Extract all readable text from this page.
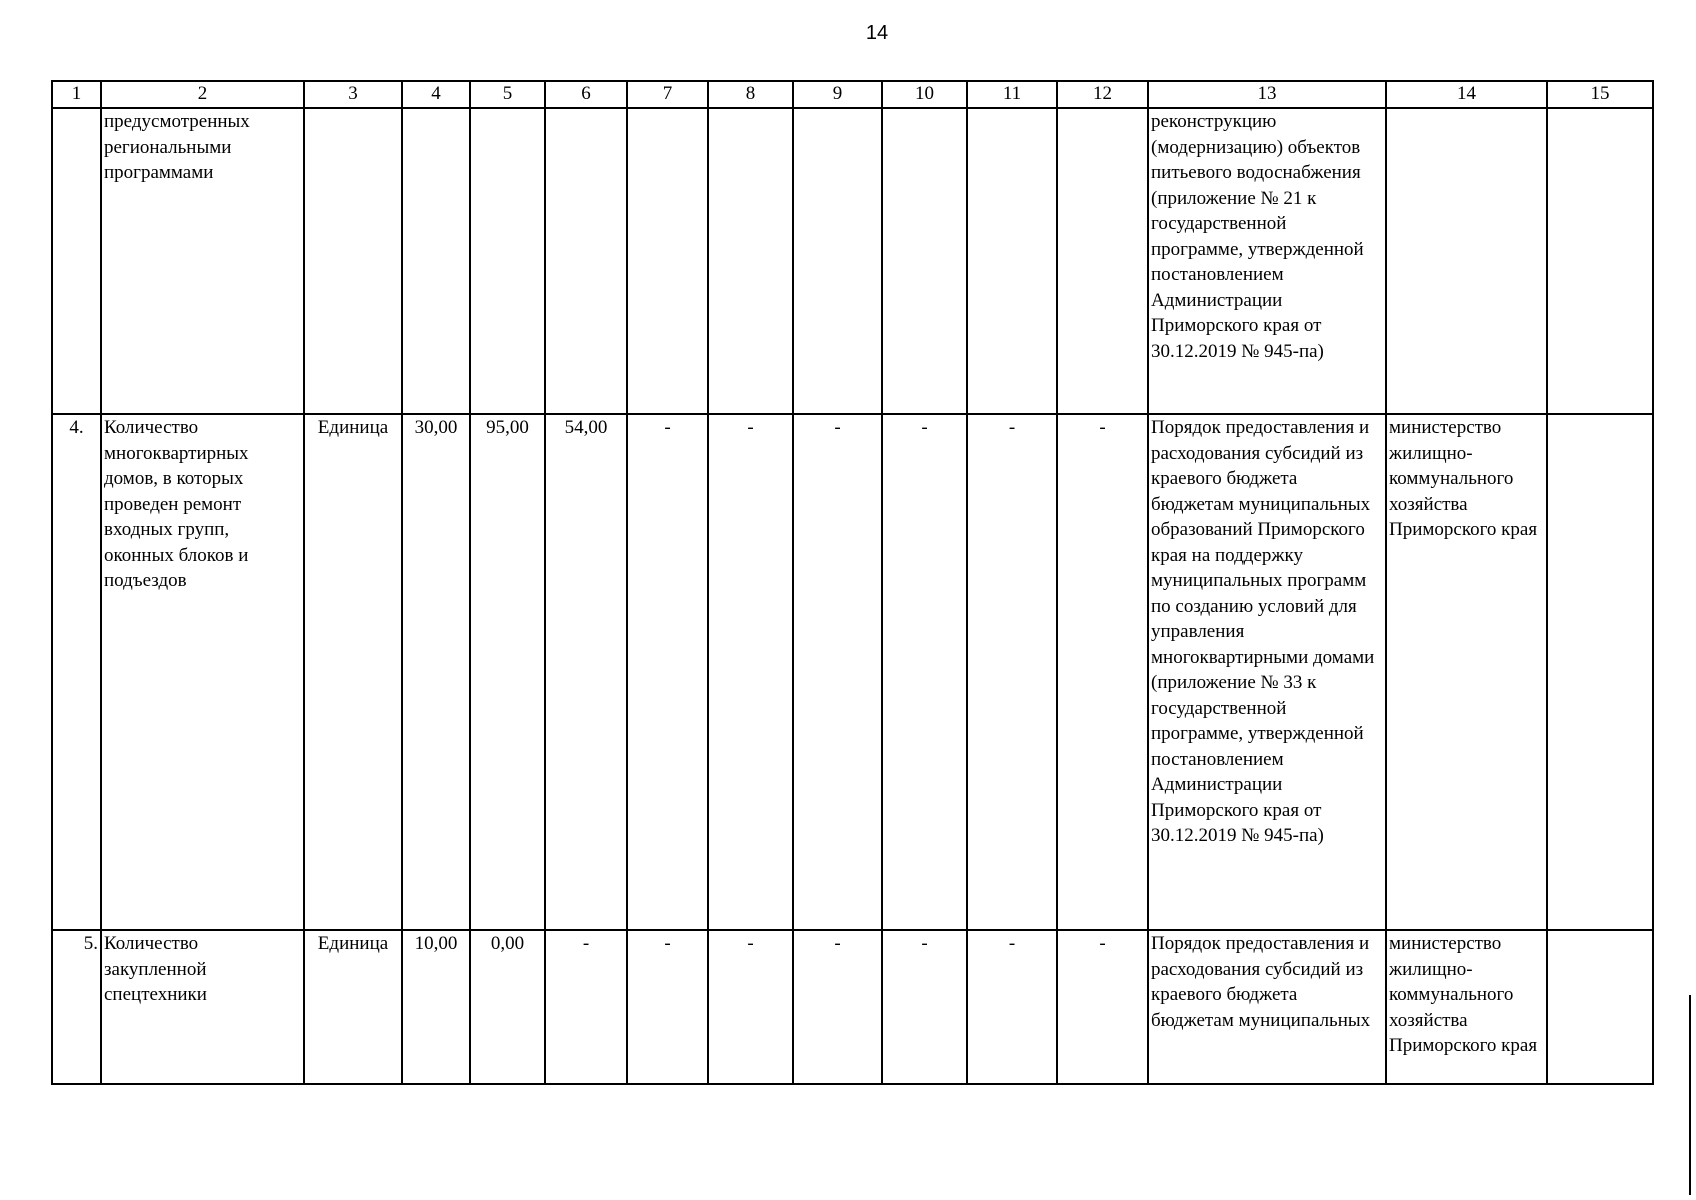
14
1	2	3	4	5	6	7	8	9	10	11	12	13	14	15
	предусмотренных региональными программами											реконструкцию (модернизацию) объектов питьевого водоснабжения (приложение № 21 к государственной программе, утвержденной постановлением Администрации Приморского края от 30.12.2019 № 945-па)		
4.	Количество многоквартирных домов, в которых проведен ремонт входных групп, оконных блоков и подъездов	Единица	30,00	95,00	54,00	-	-	-	-	-	-	Порядок предоставления и расходования субсидий из краевого бюджета бюджетам муниципальных образований Приморского края на поддержку муниципальных программ по созданию условий для управления многоквартирными домами (приложение № 33 к государственной программе, утвержденной постановлением Администрации Приморского края от 30.12.2019 № 945-па)	министерство жилищно-коммунального хозяйства Приморского края	
5.	Количество закупленной спецтехники	Единица	10,00	0,00	-	-	-	-	-	-	-	Порядок предоставления и расходования субсидий из краевого бюджета бюджетам муниципальных	министерство жилищно-коммунального хозяйства Приморского края	
